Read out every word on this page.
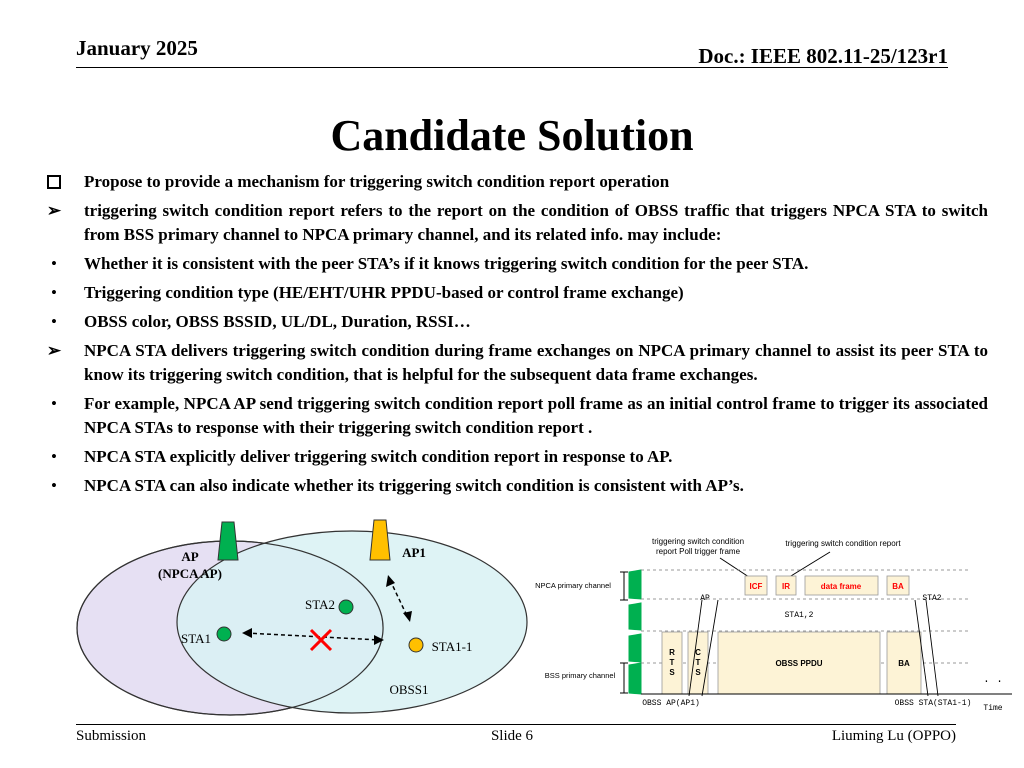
January 2025	Doc.: IEEE 802.11-25/123r1
Candidate Solution
Propose to provide a mechanism for triggering switch condition report operation
➢ triggering switch condition report refers to the report on the condition of OBSS traffic that triggers NPCA STA to switch from BSS primary channel to NPCA primary channel, and its related info. may include:
•	Whether it is consistent with the peer STA’s if it knows triggering switch condition for the peer STA.
•	Triggering condition type (HE/EHT/UHR PPDU-based or control frame exchange)
•	OBSS color, OBSS BSSID, UL/DL, Duration, RSSI…
➢ NPCA STA delivers triggering switch condition during frame exchanges on NPCA primary channel to assist its peer STA to know its triggering switch condition, that is helpful for the subsequent data frame exchanges.
•	For example, NPCA AP send triggering switch condition report poll frame as an initial control frame to trigger its associated NPCA STAs to response with their triggering switch condition report .
•	NPCA STA explicitly deliver triggering switch condition report in response to AP.
•	NPCA STA can also indicate whether its triggering switch condition is consistent with AP’s.
AP
(NPCA AP)
AP1
STA2
STA1
STA1-1
OBSS1
triggering switch condition
report Poll trigger frame
triggering switch condition report
NPCA primary channel
BSS primary channel
ICF IR	data frame	BA
AP	STA2
STA1,2
R
T
S
C
T
S
OBSS PPDU	BA
. .
Time
OBSS AP(AP1)	OBSS STA(STA1-1)
Submission	Slide 6	Liuming Lu (OPPO)
